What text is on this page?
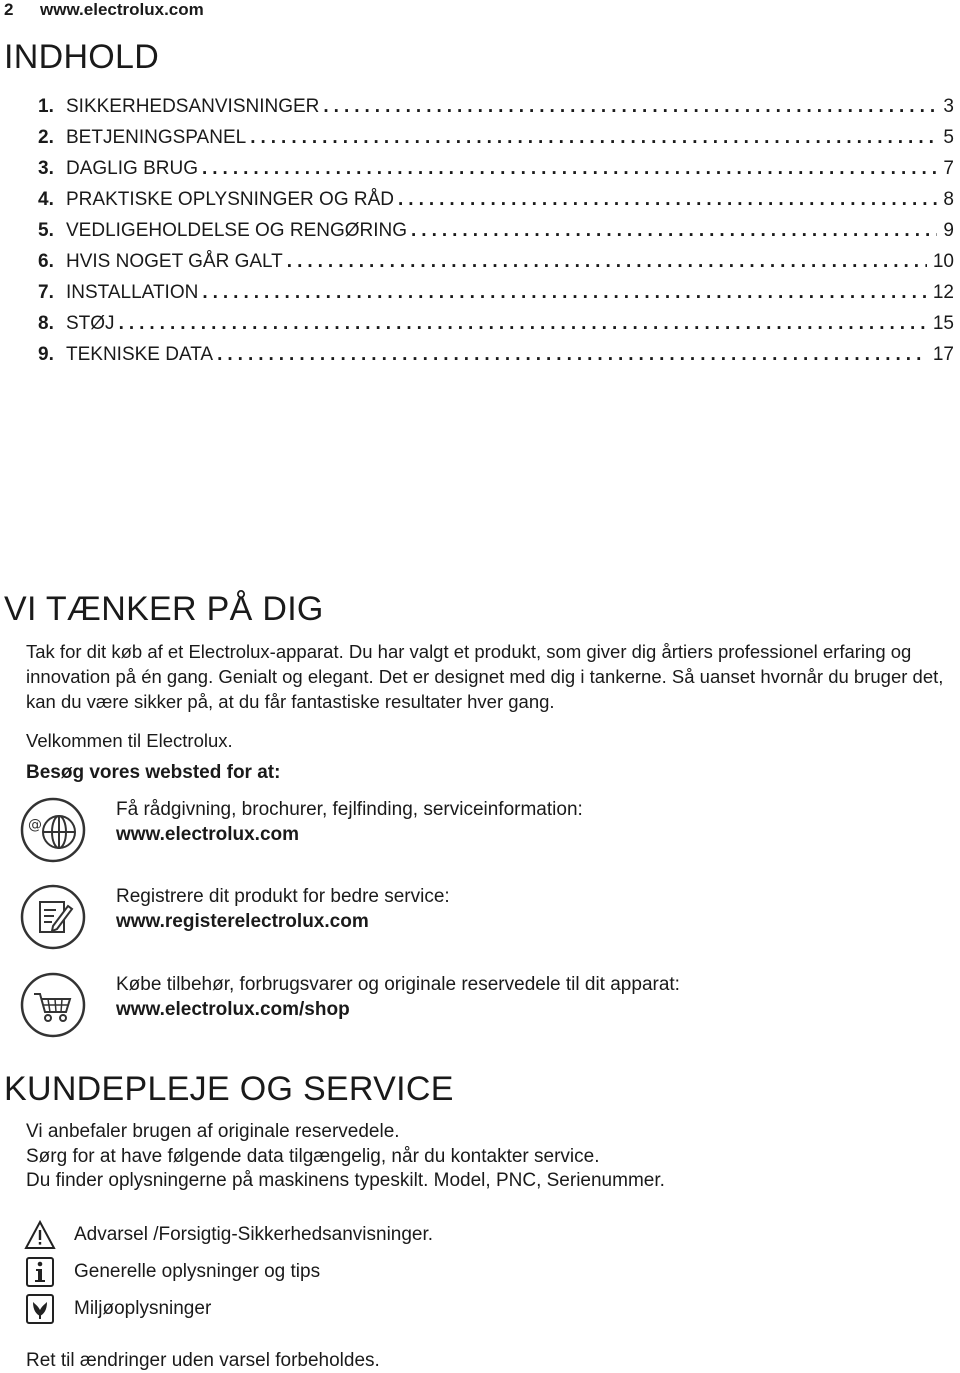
2 www.electrolux.com
INDHOLD
1. SIKKERHEDSANVISNINGER .....	3
2. BETJENINGSPANEL .....	5
3. DAGLIG BRUG .....	7
4. PRAKTISKE OPLYSNINGER OG RÅD .....	8
5. VEDLIGEHOLDELSE OG RENGØRING .....	9
6. HVIS NOGET GÅR GALT .....	10
7. INSTALLATION .....	12
8. STØJ .....	15
9. TEKNISKE DATA .....	17
VI TÆNKER PÅ DIG
Tak for dit køb af et Electrolux-apparat. Du har valgt et produkt, som giver dig årtiers professionel erfaring og innovation på én gang. Genialt og elegant. Det er designet med dig i tankerne. Så uanset hvornår du bruger det, kan du være sikker på, at du får fantastiske resultater hver gang.
Velkommen til Electrolux.
Besøg vores websted for at:
@
Få rådgivning, brochurer, fejlfinding, serviceinformation:
www.electrolux.com
Registrere dit produkt for bedre service:
www.registerelectrolux.com
Købe tilbehør, forbrugsvarer og originale reservedele til dit apparat:
www.electrolux.com/shop
KUNDEPLEJE OG SERVICE
Vi anbefaler brugen af originale reservedele.
Sørg for at have følgende data tilgængelig, når du kontakter service.
Du finder oplysningerne på maskinens typeskilt. Model, PNC, Serienummer.
Advarsel /Forsigtig-Sikkerhedsanvisninger.
Generelle oplysninger og tips
Miljøoplysninger
Ret til ændringer uden varsel forbeholdes.
